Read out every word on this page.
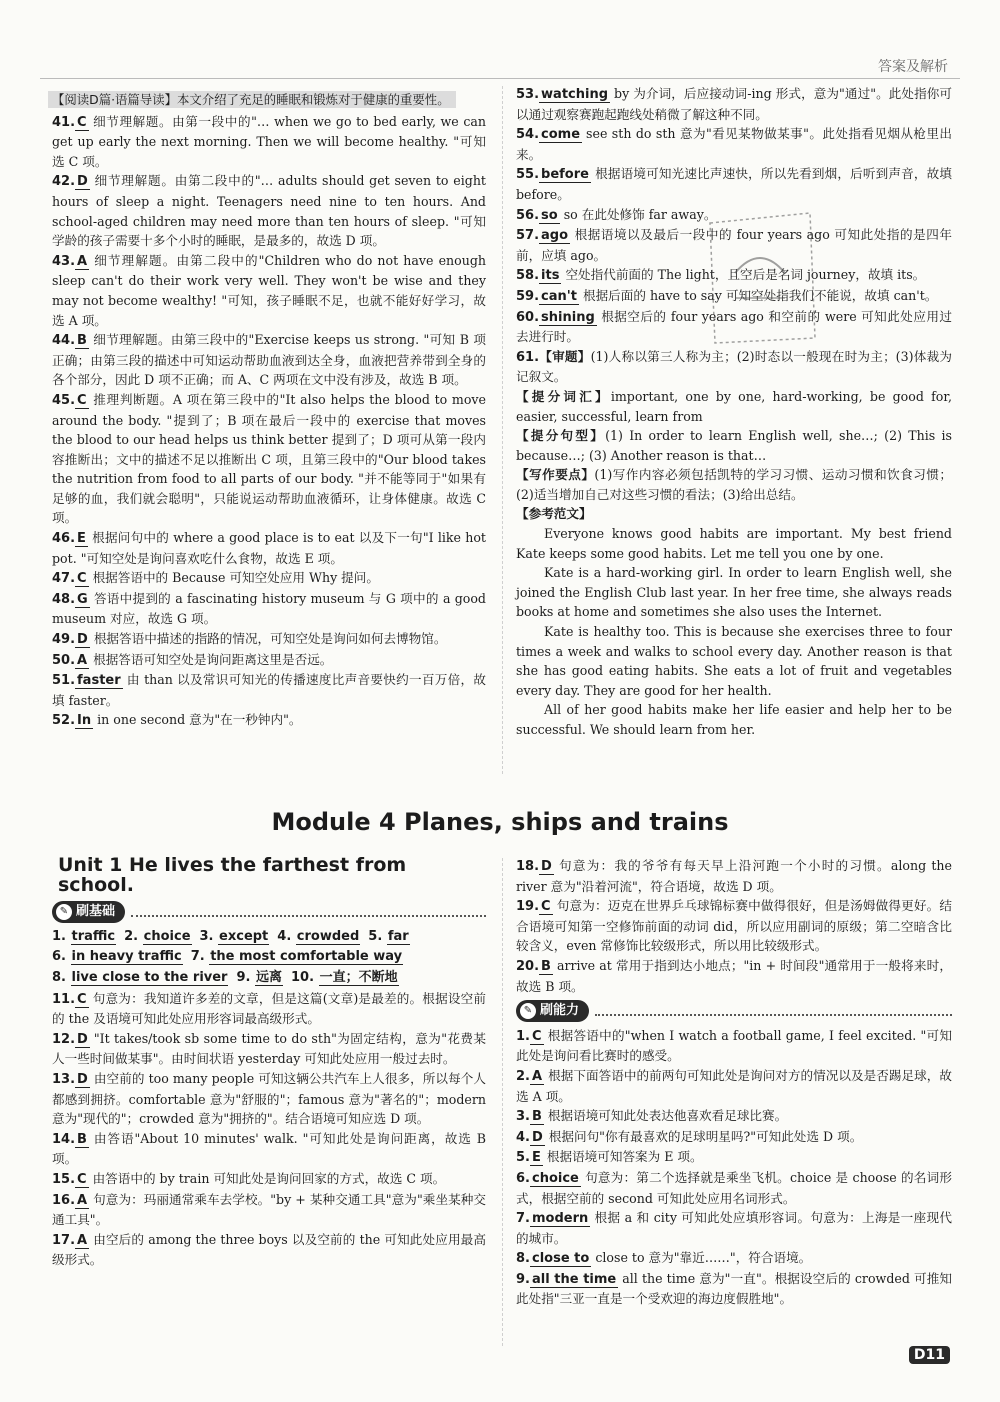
答案及解析

【阅读D篇·语篇导读】本文介绍了充足的睡眠和锻炼对于健康的重要性。

41. C 细节理解题。由第一段中的"… when we go to bed early, we can get up early the next morning. Then we will become healthy. "可知选 C 项。

42. D 细节理解题。由第二段中的"… adults should get seven to eight hours of sleep a night. Teenagers need nine to ten hours. And school-aged children may need more than ten hours of sleep. "可知学龄的孩子需要十多个小时的睡眠，是最多的，故选 D 项。

43. A 细节理解题。由第二段中的"Children who do not have enough sleep can't do their work very well. They won't be wise and they may not become wealthy! "可知，孩子睡眠不足，也就不能好好学习，故选 A 项。

44. B 细节理解题。由第三段中的"Exercise keeps us strong. "可知 B 项正确；由第三段的描述中可知运动帮助血液到达全身，血液把营养带到全身的各个部分，因此 D 项不正确；而 A、C 两项在文中没有涉及，故选 B 项。

45. C 推理判断题。A 项在第三段中的"It also helps the blood to move around the body. "提到了；B 项在最后一段中的 exercise that moves the blood to our head helps us think better 提到了；D 项可从第一段内容推断出；文中的描述不足以推断出 C 项，且第三段中的"Our blood takes the nutrition from food to all parts of our body. "并不能等同于"如果有足够的血，我们就会聪明"，只能说运动帮助血液循环，让身体健康。故选 C 项。

46. E 根据问句中的 where a good place is to eat 以及下一句"I like hot pot. "可知空处是询问喜欢吃什么食物，故选 E 项。

47. C 根据答语中的 Because 可知空处应用 Why 提问。

48. G 答语中提到的 a fascinating history museum 与 G 项中的 a good museum 对应，故选 G 项。

49. D 根据答语中描述的指路的情况，可知空处是询问如何去博物馆。

50. A 根据答语可知空处是询问距离这里是否远。

51. faster 由 than 以及常识可知光的传播速度比声音要快约一百万倍，故填 faster。

52. In in one second 意为"在一秒钟内"。

53. watching by 为介词，后应接动词-ing 形式，意为"通过"。此处指你可以通过观察赛跑起跑线处稍微了解这种不同。

54. come see sth do sth 意为"看见某物做某事"。此处指看见烟从枪里出来。

55. before 根据语境可知光速比声速快，所以先看到烟，后听到声音，故填 before。

56. so so 在此处修饰 far away。

57. ago 根据语境以及最后一段中的 four years ago 可知此处指的是四年前，应填 ago。

58. its 空处指代前面的 The light，且空后是名词 journey，故填 its。

59. can't 根据后面的 have to say 可知空处指我们不能说，故填 can't。

60. shining 根据空后的 four years ago 和空前的 were 可知此处应用过去进行时。

61.【审题】(1)人称以第三人称为主；(2)时态以一般现在时为主；(3)体裁为记叙文。

【提分词汇】important, one by one, hard-working, be good for, easier, successful, learn from

【提分句型】(1) In order to learn English well, she…; (2) This is because…; (3) Another reason is that…

【写作要点】(1)写作内容必须包括凯特的学习习惯、运动习惯和饮食习惯；(2)适当增加自己对这些习惯的看法；(3)给出总结。

【参考范文】

Everyone knows good habits are important. My best friend Kate keeps some good habits. Let me tell you one by one.

Kate is a hard-working girl. In order to learn English well, she joined the English Club last year. In her free time, she always reads books at home and sometimes she also uses the Internet.

Kate is healthy too. This is because she exercises three to four times a week and walks to school every day. Another reason is that she has good eating habits. She eats a lot of fruit and vegetables every day. They are good for her health.

All of her good habits make her life easier and help her to be successful. We should learn from her.

Module 4 Planes, ships and trains
Unit 1 He lives the farthest from school.
✎ 刷基础

1. traffic 2. choice 3. except 4. crowded 5. far

6. in heavy traffic 7. the most comfortable way

8. live close to the river 9. 远离 10. 一直；不断地

11. C 句意为：我知道许多差的文章，但是这篇(文章)是最差的。根据设空前的 the 及语境可知此处应用形容词最高级形式。

12. D "It takes/took sb some time to do sth"为固定结构，意为"花费某人一些时间做某事"。由时间状语 yesterday 可知此处应用一般过去时。

13. D 由空前的 too many people 可知这辆公共汽车上人很多，所以每个人都感到拥挤。comfortable 意为"舒服的"；famous 意为"著名的"；modern 意为"现代的"；crowded 意为"拥挤的"。结合语境可知应选 D 项。

14. B 由答语"About 10 minutes' walk. "可知此处是询问距离，故选 B 项。

15. C 由答语中的 by train 可知此处是询问回家的方式，故选 C 项。

16. A 句意为：玛丽通常乘车去学校。"by + 某种交通工具"意为"乘坐某种交通工具"。

17. A 由空后的 among the three boys 以及空前的 the 可知此处应用最高级形式。

18. D 句意为：我的爷爷有每天早上沿河跑一个小时的习惯。along the river 意为"沿着河流"，符合语境，故选 D 项。

19. C 句意为：迈克在世界乒乓球锦标赛中做得很好，但是汤姆做得更好。结合语境可知第一空修饰前面的动词 did，所以应用副词的原级；第二空暗含比较含义，even 常修饰比较级形式，所以用比较级形式。

20. B arrive at 常用于指到达小地点；"in + 时间段"通常用于一般将来时，故选 B 项。

✎ 刷能力

1. C 根据答语中的"when I watch a football game, I feel excited. "可知此处是询问看比赛时的感受。

2. A 根据下面答语中的前两句可知此处是询问对方的情况以及是否踢足球，故选 A 项。

3. B 根据语境可知此处表达他喜欢看足球比赛。

4. D 根据问句"你有最喜欢的足球明星吗?"可知此处选 D 项。

5. E 根据语境可知答案为 E 项。

6. choice 句意为：第二个选择就是乘坐飞机。choice 是 choose 的名词形式，根据空前的 second 可知此处应用名词形式。

7. modern 根据 a 和 city 可知此处应填形容词。句意为：上海是一座现代的城市。

8. close to close to 意为"靠近……"，符合语境。

9. all the time all the time 意为"一直"。根据设空后的 crowded 可推知此处指"三亚一直是一个受欢迎的海边度假胜地"。

D11
